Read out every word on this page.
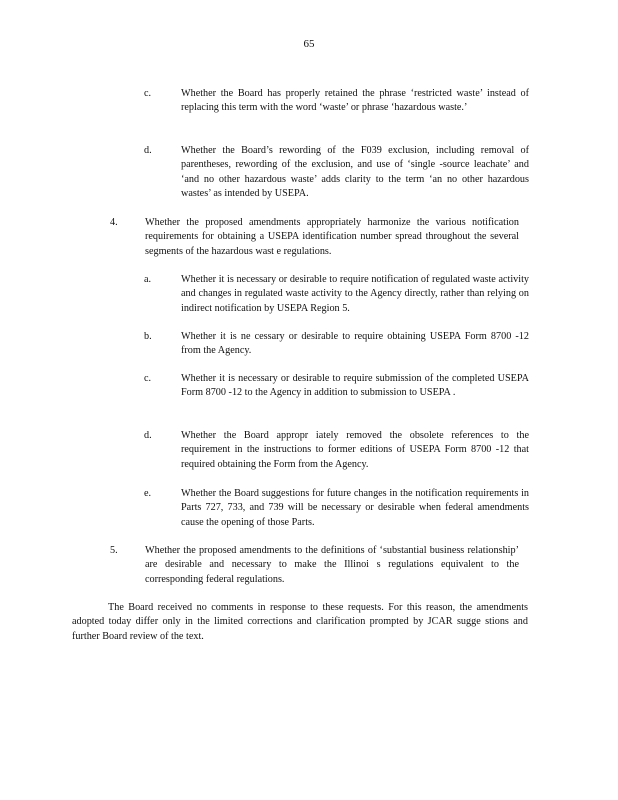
65
c.	Whether the Board has properly retained the phrase ‘restricted waste’ instead of replacing this term with the word ‘waste’ or phrase ‘hazardous waste.’
d.	Whether the Board’s rewording of the F039 exclusion, including removal of parentheses, rewording of the exclusion, and use of ‘single -source leachate’ and ‘and no other hazardous waste’ adds clarity to the term ‘an no other hazardous wastes’ as intended by USEPA.
4.	Whether the proposed amendments appropriately harmonize the various notification requirements for obtaining a USEPA identification number spread throughout the several segments of the hazardous wast e regulations.
a.	Whether it is necessary or desirable to require notification of regulated waste activity and changes in regulated waste activity to the Agency directly, rather than relying on indirect notification by USEPA Region 5.
b.	Whether it is ne cessary or desirable to require obtaining USEPA Form 8700 -12 from the Agency.
c.	Whether it is necessary or desirable to require submission of the completed USEPA Form 8700 -12 to the Agency in addition to submission to USEPA .
d.	Whether the Board appropr iately removed the obsolete references to the requirement in the instructions to former editions of USEPA Form 8700 -12 that required obtaining the Form from the Agency.
e.	Whether the Board suggestions for future changes in the notification requirements in Parts 727, 733, and 739 will be necessary or desirable when federal amendments cause the opening of those Parts.
5.	Whether the proposed amendments to the definitions of ‘substantial business relationship’ are desirable and necessary to make the Illinoi s regulations equivalent to the corresponding federal regulations.
The Board received no comments in response to these requests. For this reason, the amendments adopted today differ only in the limited corrections and clarification prompted by JCAR sugge stions and further Board review of the text.
